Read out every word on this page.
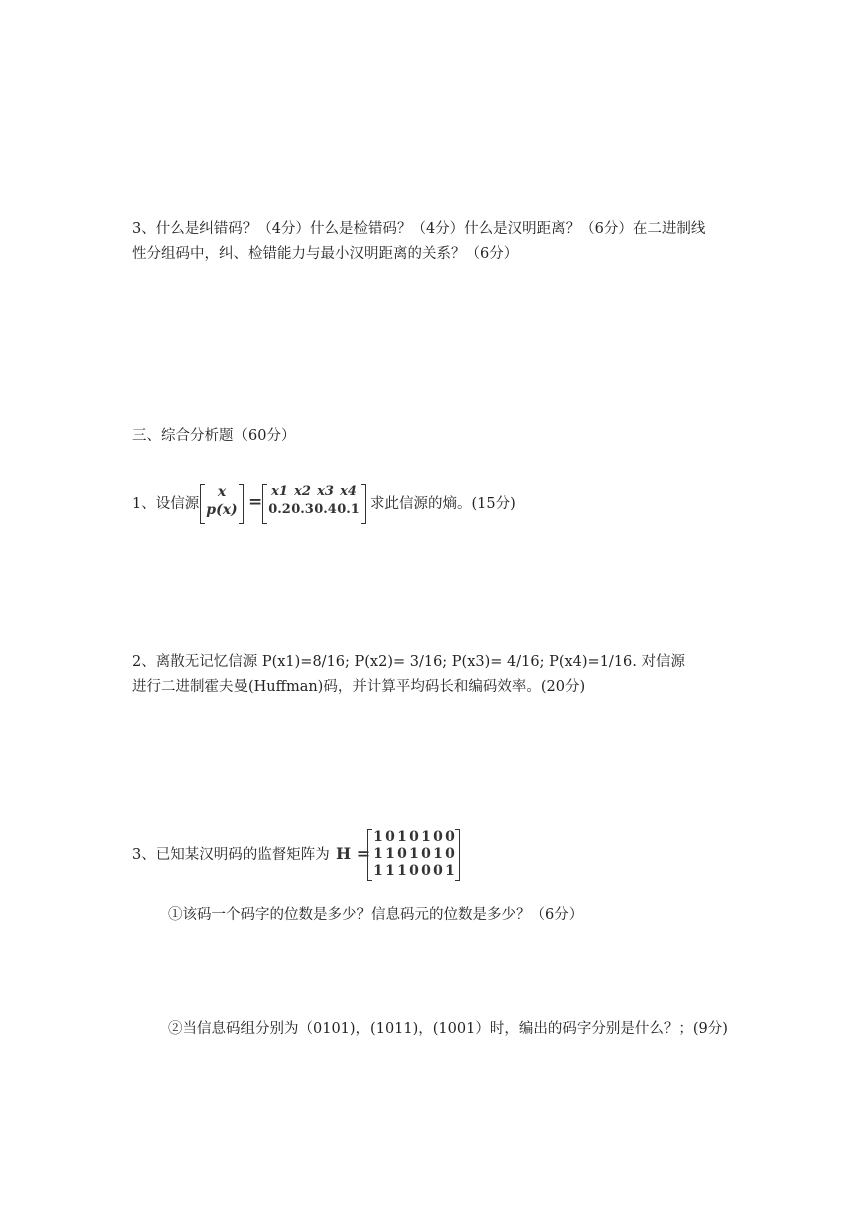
3、什么是纠错码？（4分）什么是检错码？（4分）什么是汉明距离？（6分）在二进制线
性分组码中，纠、检错能力与最小汉明距离的关系？（6分）
三、综合分析题（60分）
1、设信源
x
p(x) =
x1 x2 x3 x4
0.20.30.40.1 求此信源的熵。(15分)
2、离散无记忆信源 P(x1)=8/16; P(x2)= 3/16; P(x3)= 4/16; P(x4)=1/16. 对信源
进行二进制霍夫曼(Huffman)码，并计算平均码长和编码效率。(20分)
3、已知某汉明码的监督矩阵为 H =
1 0 1 0 1 0 0
1 1 0 1 0 1 0
1 1 1 0 0 0 1
①该码一个码字的位数是多少？信息码元的位数是多少？（6分）
②当信息码组分别为（0101)，(1011)，(1001）时，编出的码字分别是什么？；(9分)
